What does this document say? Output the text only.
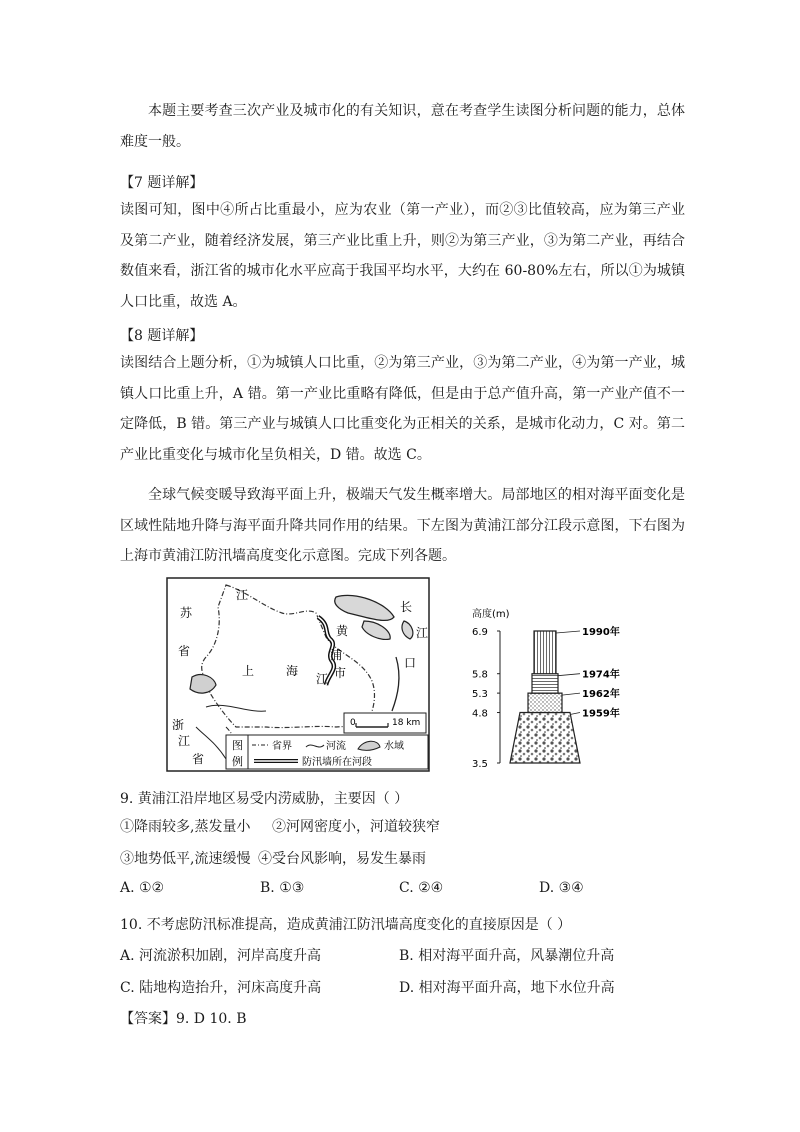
本题主要考查三次产业及城市化的有关知识，意在考查学生读图分析问题的能力，总体难度一般。

【7 题详解】

读图可知，图中④所占比重最小，应为农业（第一产业），而②③比值较高，应为第三产业及第二产业，随着经济发展，第三产业比重上升，则②为第三产业，③为第二产业，再结合数值来看，浙江省的城市化水平应高于我国平均水平，大约在 60-80%左右，所以①为城镇人口比重，故选 A。

【8 题详解】

读图结合上题分析，①为城镇人口比重，②为第三产业，③为第二产业，④为第一产业，城镇人口比重上升，A 错。第一产业比重略有降低，但是由于总产值升高，第一产业产值不一定降低，B 错。第三产业与城镇人口比重变化为正相关的关系，是城市化动力，C 对。第二产业比重变化与城市化呈负相关，D 错。故选 C。

全球气候变暖导致海平面上升，极端天气发生概率增大。局部地区的相对海平面变化是区域性陆地升降与海平面升降共同作用的结果。下左图为黄浦江部分江段示意图，下右图为上海市黄浦江防汛墙高度变化示意图。完成下列各题。

江
苏
省
长
江
口
黄
浦
江
上	海	市
浙
江
省
0	18 km
图
例
省界	河流	水域
防汛墙所在河段
高度(m)
6.9
5.8
5.3
4.8
3.5
1959年
1962年
1974年
1990年
9. 黄浦江沿岸地区易受内涝威胁，主要因（ ）
①降雨较多,蒸发量小 ②河网密度小，河道较狭窄
③地势低平,流速缓慢 ④受台风影响，易发生暴雨
A. ①②	B. ①③	C. ②④	D. ③④
10. 不考虑防汛标准提高，造成黄浦江防汛墙高度变化的直接原因是（ ）
A. 河流淤积加剧，河岸高度升高	B. 相对海平面升高，风暴潮位升高
C. 陆地构造抬升，河床高度升高	D. 相对海平面升高，地下水位升高
【答案】9. D 10. B
